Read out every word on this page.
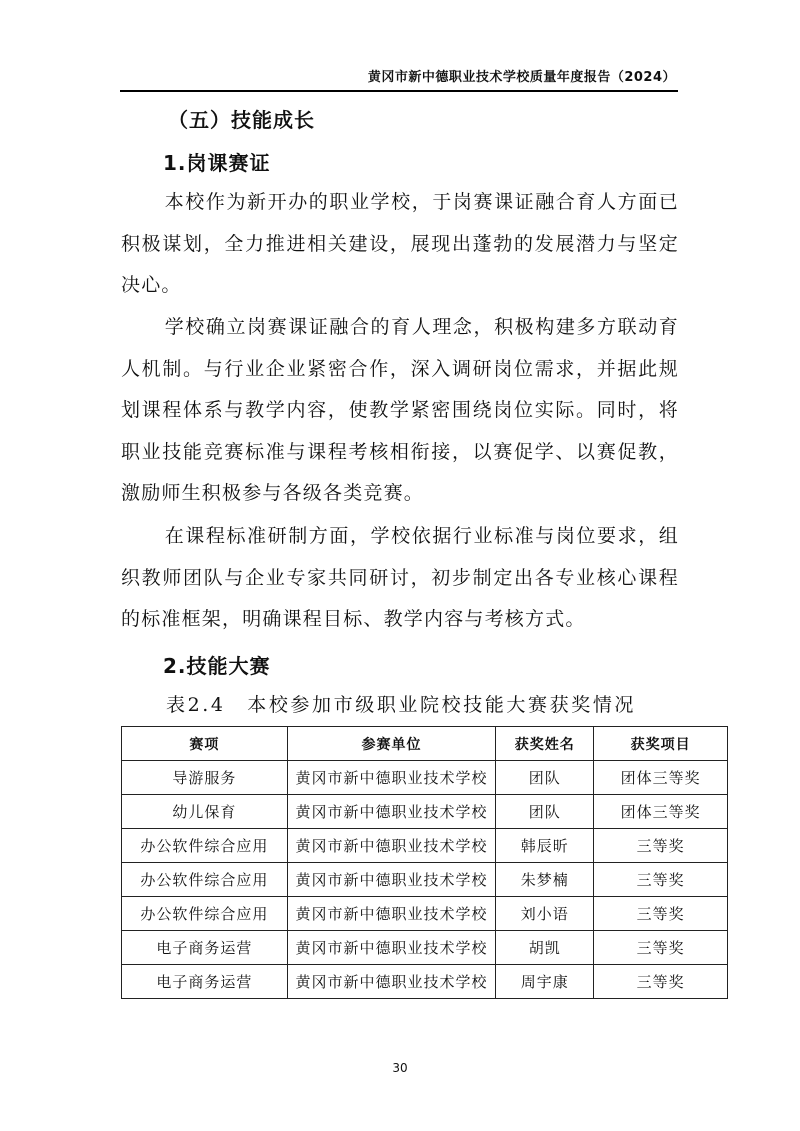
黄冈市新中德职业技术学校质量年度报告（2024）
（五）技能成长
1.岗课赛证

本校作为新开办的职业学校，于岗赛课证融合育人方面已积极谋划，全力推进相关建设，展现出蓬勃的发展潜力与坚定决心。

学校确立岗赛课证融合的育人理念，积极构建多方联动育人机制。与行业企业紧密合作，深入调研岗位需求，并据此规划课程体系与教学内容，使教学紧密围绕岗位实际。同时，将职业技能竞赛标准与课程考核相衔接，以赛促学、以赛促教，激励师生积极参与各级各类竞赛。

在课程标准研制方面，学校依据行业标准与岗位要求，组织教师团队与企业专家共同研讨，初步制定出各专业核心课程的标准框架，明确课程目标、教学内容与考核方式。

2.技能大赛
表2.4　本校参加市级职业院校技能大赛获奖情况
赛项	参赛单位	获奖姓名	获奖项目
导游服务	黄冈市新中德职业技术学校	团队	团体三等奖
幼儿保育	黄冈市新中德职业技术学校	团队	团体三等奖
办公软件综合应用	黄冈市新中德职业技术学校	韩辰昕	三等奖
办公软件综合应用	黄冈市新中德职业技术学校	朱梦楠	三等奖
办公软件综合应用	黄冈市新中德职业技术学校	刘小语	三等奖
电子商务运营	黄冈市新中德职业技术学校	胡凯	三等奖
电子商务运营	黄冈市新中德职业技术学校	周宇康	三等奖
30
